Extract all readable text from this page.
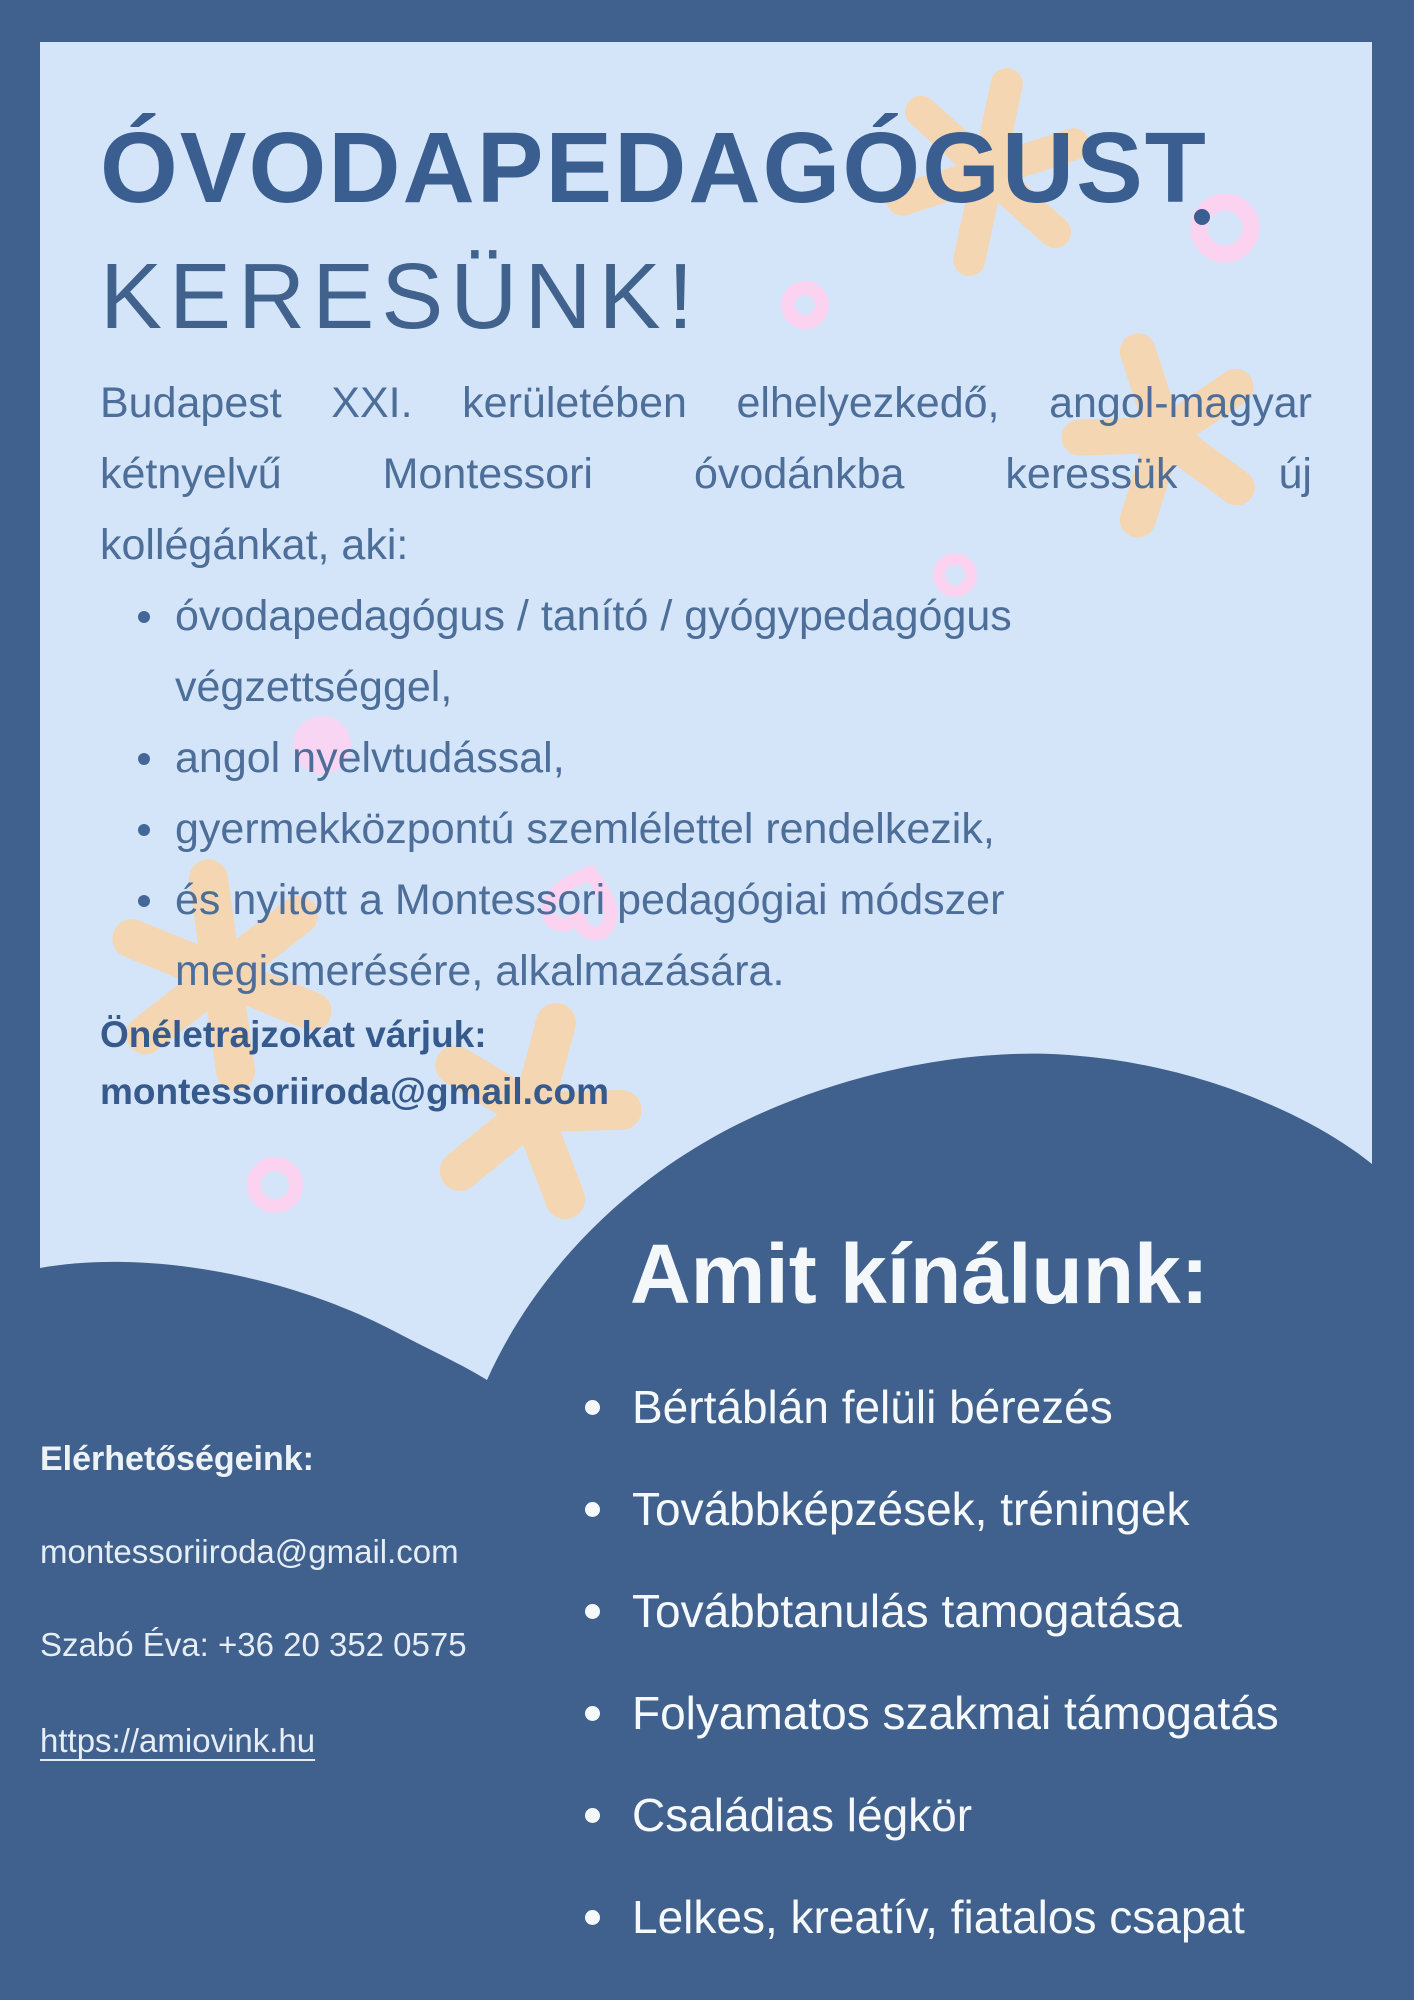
ÓVODAPEDAGÓGUST
KERESÜNK!
Budapest XXI. kerületében elhelyezkedő, angol-magyar
kétnyelvű Montessori óvodánkba keressük új
kollégánkat, aki:
óvodapedagógus / tanító / gyógypedagógus
végzettséggel,
angol nyelvtudással,
gyermekközpontú szemlélettel rendelkezik,
és nyitott a Montessori pedagógiai módszer
megismerésére, alkalmazására.
Önéletrajzokat várjuk:
montessoriiroda@gmail.com
Amit kínálunk:
Bértáblán felüli bérezés
Továbbképzések, tréningek
Továbbtanulás tamogatása
Folyamatos szakmai támogatás
Családias légkör
Lelkes, kreatív, fiatalos csapat
Elérhetőségeink:
montessoriiroda@gmail.com
Szabó Éva: +36 20 352 0575
https://amiovink.hu
